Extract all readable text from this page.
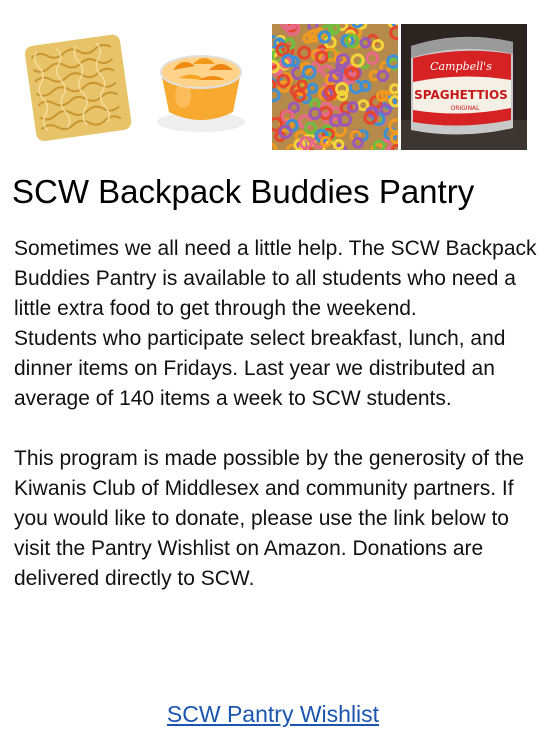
Campbell's
SPAGHETTIOS
ORIGINAL
SCW Backpack Buddies Pantry

Sometimes we all need a little help. The SCW Backpack Buddies Pantry is available to all students who need a little extra food to get through the weekend.

Students who participate select breakfast, lunch, and dinner items on Fridays. Last year we distributed an average of 140 items a week to SCW students.

This program is made possible by the generosity of the Kiwanis Club of Middlesex and community partners. If you would like to donate, please use the link below to visit the Pantry Wishlist on Amazon. Donations are delivered directly to SCW.

SCW Pantry Wishlist
